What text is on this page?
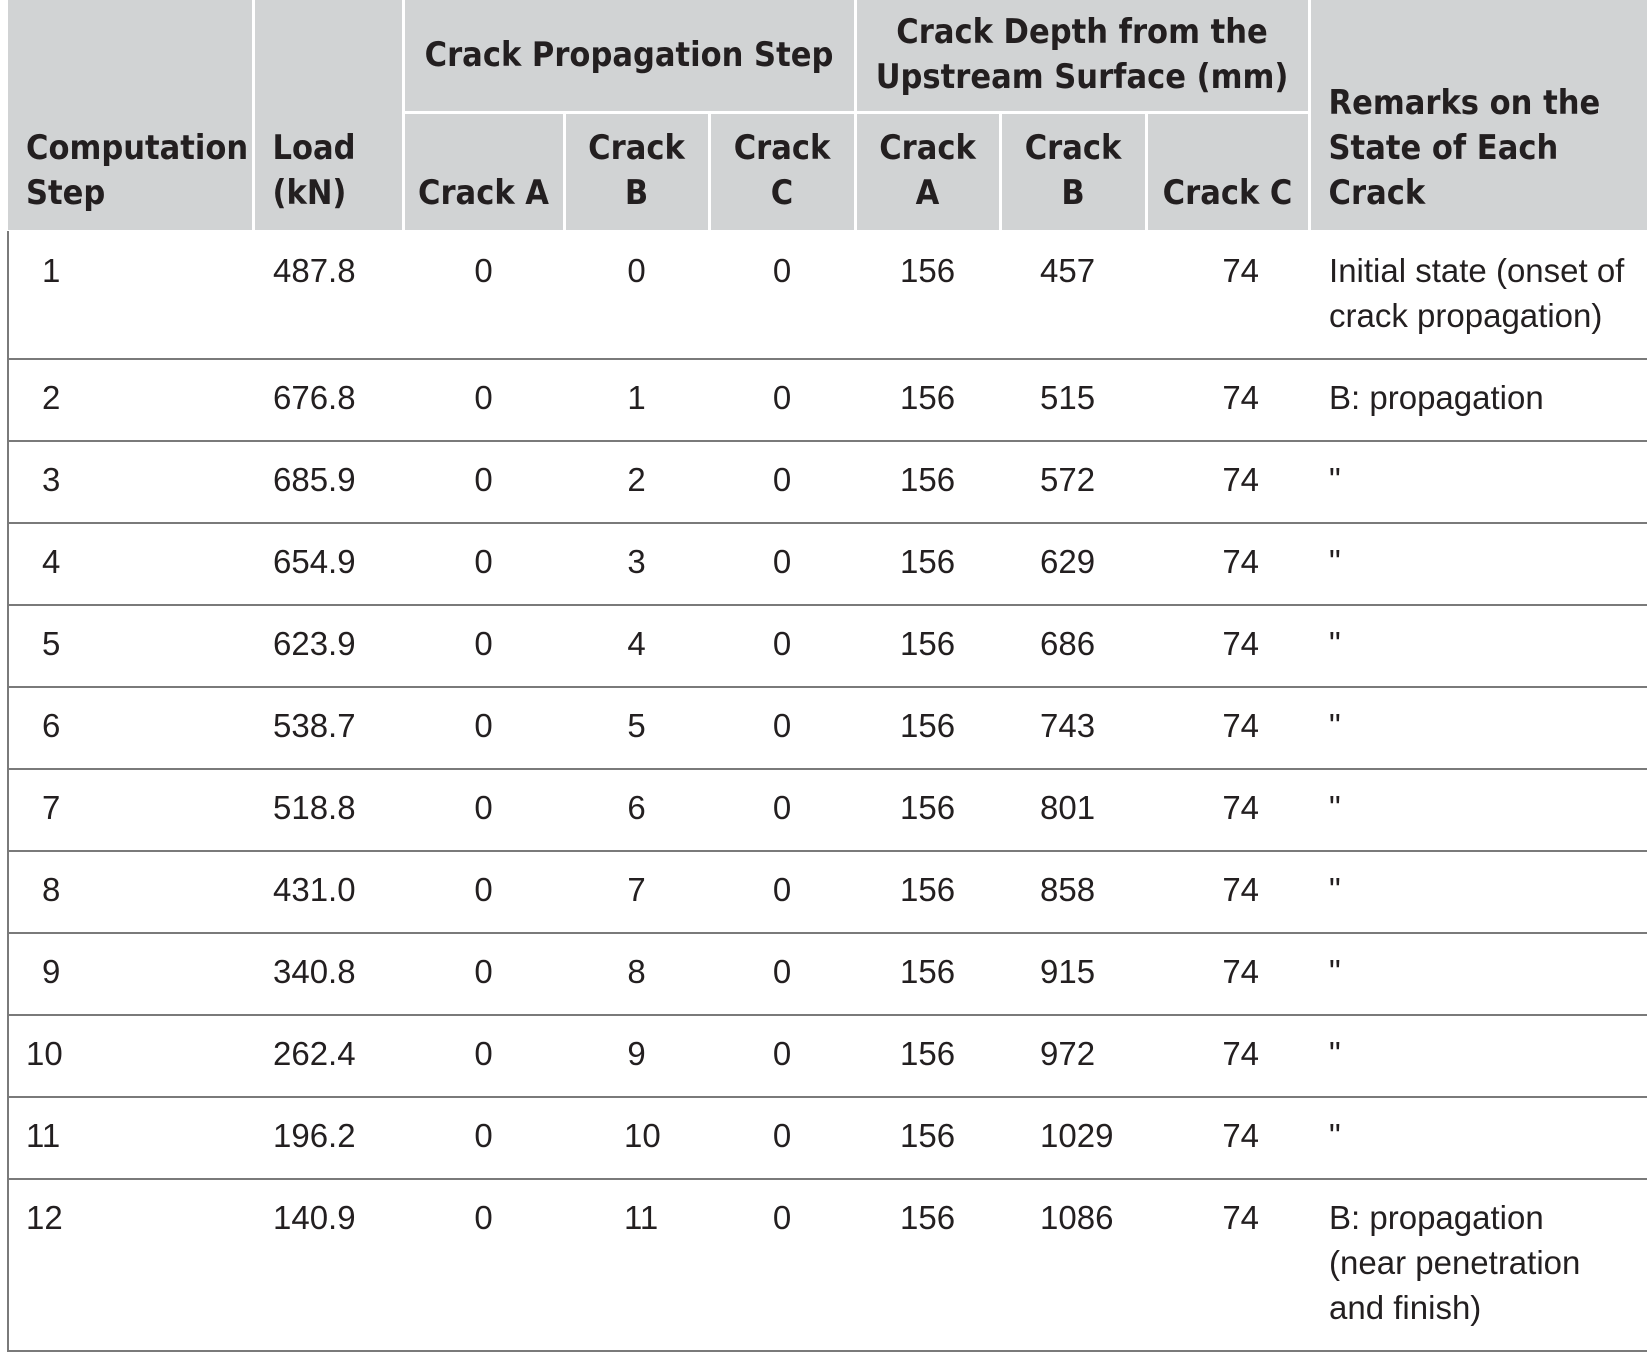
Computation Step	Load (kN)	Crack Propagation Step			Crack Depth from the Upstream Surface (mm)			Remarks on the State of Each Crack
		Crack A	Crack B	Crack C	Crack A	Crack B	Crack C	
1	487.8	0	0	0	156	457	74	Initial state (onset of crack propagation)
2	676.8	0	1	0	156	515	74	B: propagation
3	685.9	0	2	0	156	572	74	"
4	654.9	0	3	0	156	629	74	"
5	623.9	0	4	0	156	686	74	"
6	538.7	0	5	0	156	743	74	"
7	518.8	0	6	0	156	801	74	"
8	431.0	0	7	0	156	858	74	"
9	340.8	0	8	0	156	915	74	"
10	262.4	0	9	0	156	972	74	"
11	196.2	0	10	0	156	1029	74	"
12	140.9	0	11	0	156	1086	74	B: propagation (near penetration and finish)
